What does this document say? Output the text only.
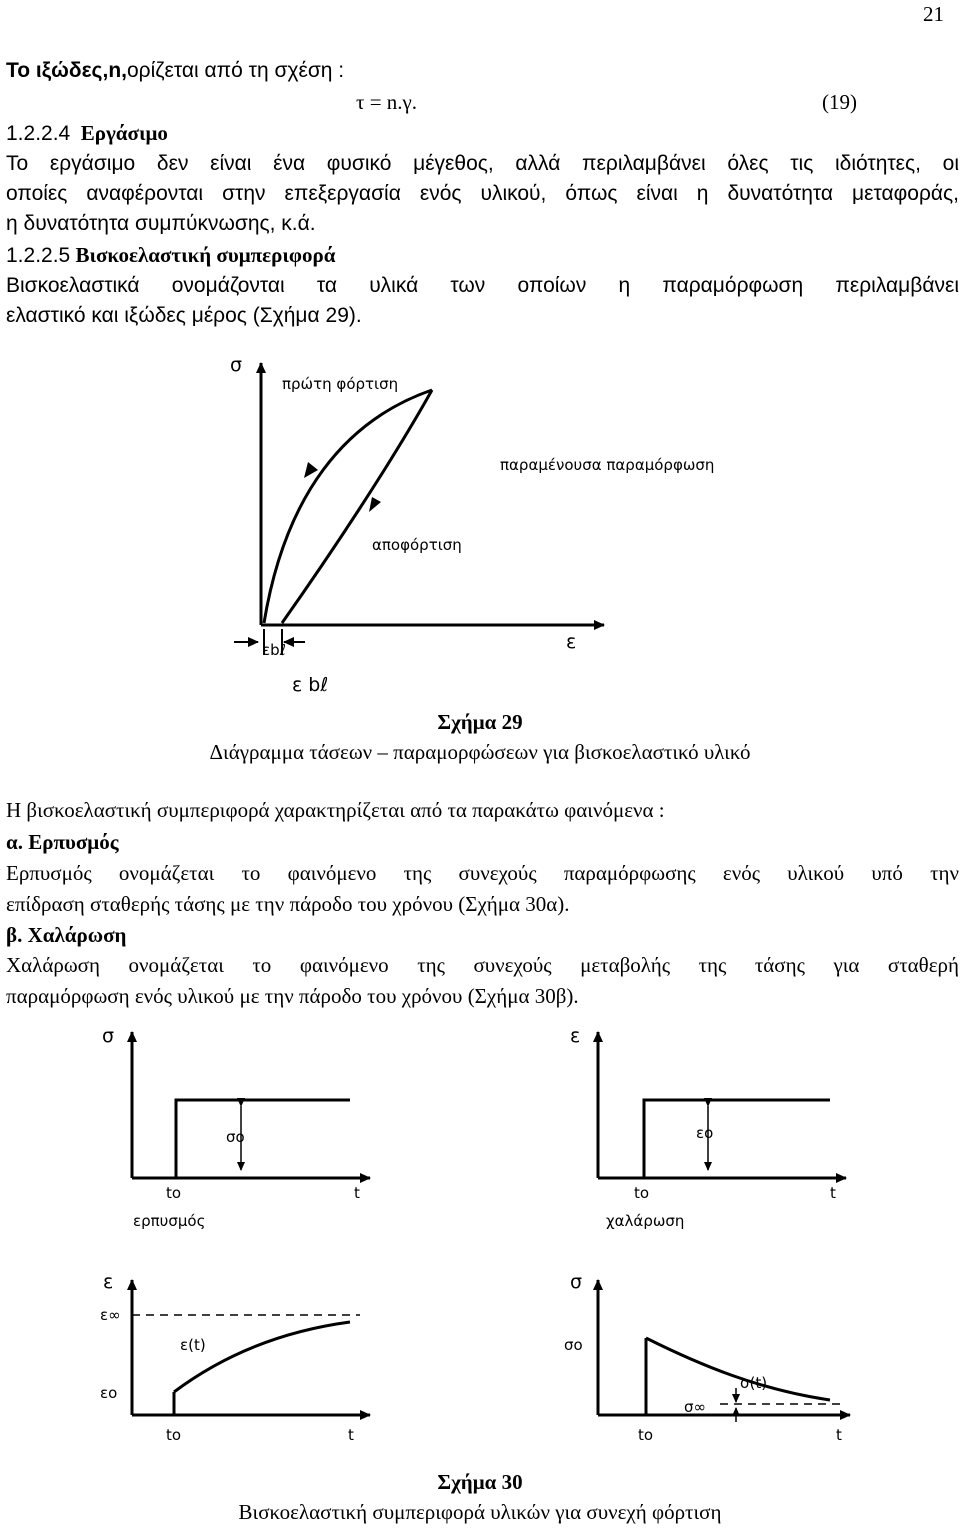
21
Το ιξώδες,n,ορίζεται από τη σχέση :
τ = n.γ.	(19)
1.2.2.4 Εργάσιμο
Το εργάσιμο δεν είναι ένα φυσικό μέγεθος, αλλά περιλαμβάνει όλες τις ιδιότητες, οι
οποίες αναφέρονται στην επεξεργασία ενός υλικού, όπως είναι η δυνατότητα μεταφοράς,
η δυνατότητα συμπύκνωσης, κ.ά.
1.2.2.5 Βισκοελαστική συμπεριφορά
Βισκοελαστικά ονομάζονται τα υλικά των οποίων η παραμόρφωση περιλαμβάνει
ελαστικό και ιξώδες μέρος (Σχήμα 29).
σ
πρώτη φόρτιση
παραμένουσα παραμόρφωση
αποφόρτιση
ε
εbℓ
ε bℓ
Σχήμα 29
Διάγραμμα τάσεων – παραμορφώσεων για βισκοελαστικό υλικό
Η βισκοελαστική συμπεριφορά χαρακτηρίζεται από τα παρακάτω φαινόμενα :
α. Ερπυσμός
Ερπυσμός ονομάζεται το φαινόμενο της συνεχούς παραμόρφωσης ενός υλικού υπό την
επίδραση σταθερής τάσης με την πάροδο του χρόνου (Σχήμα 30α).
β. Χαλάρωση
Χαλάρωση ονομάζεται το φαινόμενο της συνεχούς μεταβολής της τάσης για σταθερή
παραμόρφωση ενός υλικού με την πάροδο του χρόνου (Σχήμα 30β).
σ
σo
to	t
ερπυσμός
ε
εo
to	t
χαλάρωση
ε
ε∞
ε(t)
εo
to	t
σ
σo
σ(t)
σ∞
to	t
Σχήμα 30
Βισκοελαστική συμπεριφορά υλικών για συνεχή φόρτιση
